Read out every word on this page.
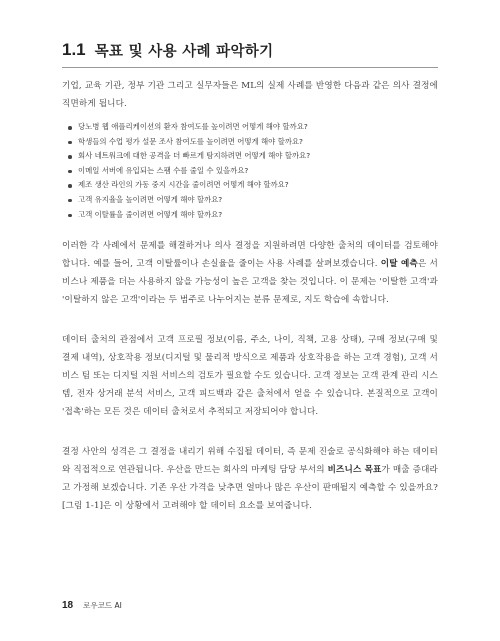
1.1 목표 및 사용 사례 파악하기

기업, 교육 기관, 정부 기관 그리고 실무자들은 ML의 실제 사례를 반영한 다음과 같은 의사 결정에 직면하게 됩니다.

당노병 웹 애플리케이션의 환자 참여도를 높이려면 어떻게 해야 할까요?
학생들의 수업 평가 설문 조사 참여도를 높이려면 어떻게 해야 할까요?
회사 네트워크에 대한 공격을 더 빠르게 탐지하려면 어떻게 해야 할까요?
이메일 서버에 유입되는 스팸 수를 줄일 수 있을까요?
제조 생산 라인의 가동 중지 시간을 줄이려면 어떻게 해야 할까요?
고객 유지율을 높이려면 어떻게 해야 할까요?
고객 이탈률을 줄이려면 어떻게 해야 할까요?

이러한 각 사례에서 문제를 해결하거나 의사 결정을 지원하려면 다양한 출처의 데이터를 검토해야 합니다. 예를 들어, 고객 이탈률이나 손실율을 줄이는 사용 사례를 살펴보겠습니다. 이탈 예측은 서비스나 제품을 더는 사용하지 않을 가능성이 높은 고객을 찾는 것입니다. 이 문제는 '이탈한 고객'과 '이탈하지 않은 고객'이라는 두 범주로 나누어지는 분류 문제로, 지도 학습에 속합니다.

데이터 출처의 관점에서 고객 프로필 정보(이름, 주소, 나이, 직책, 고용 상태), 구매 정보(구매 및 결제 내역), 상호작용 정보(디지털 및 물리적 방식으로 제품과 상호작용을 하는 고객 경험), 고객 서비스 팀 또는 디지털 지원 서비스의 검토가 필요할 수도 있습니다. 고객 정보는 고객 관계 관리 시스템, 전자 상거래 분석 서비스, 고객 피드백과 같은 출처에서 얻을 수 있습니다. 본질적으로 고객이 '접촉'하는 모든 것은 데이터 출처로서 추적되고 저장되어야 합니다.

결정 사안의 성격은 그 결정을 내리기 위해 수집될 데이터, 즉 문제 진술로 공식화해야 하는 데이터와 직접적으로 연관됩니다. 우산을 만드는 회사의 마케팅 담당 부서의 비즈니스 목표가 매출 증대라고 가정해 보겠습니다. 기존 우산 가격을 낮추면 얼마나 많은 우산이 판매될지 예측할 수 있을까요? [그림 1-1]은 이 상황에서 고려해야 할 데이터 요소를 보여줍니다.

18 로우코드 AI
